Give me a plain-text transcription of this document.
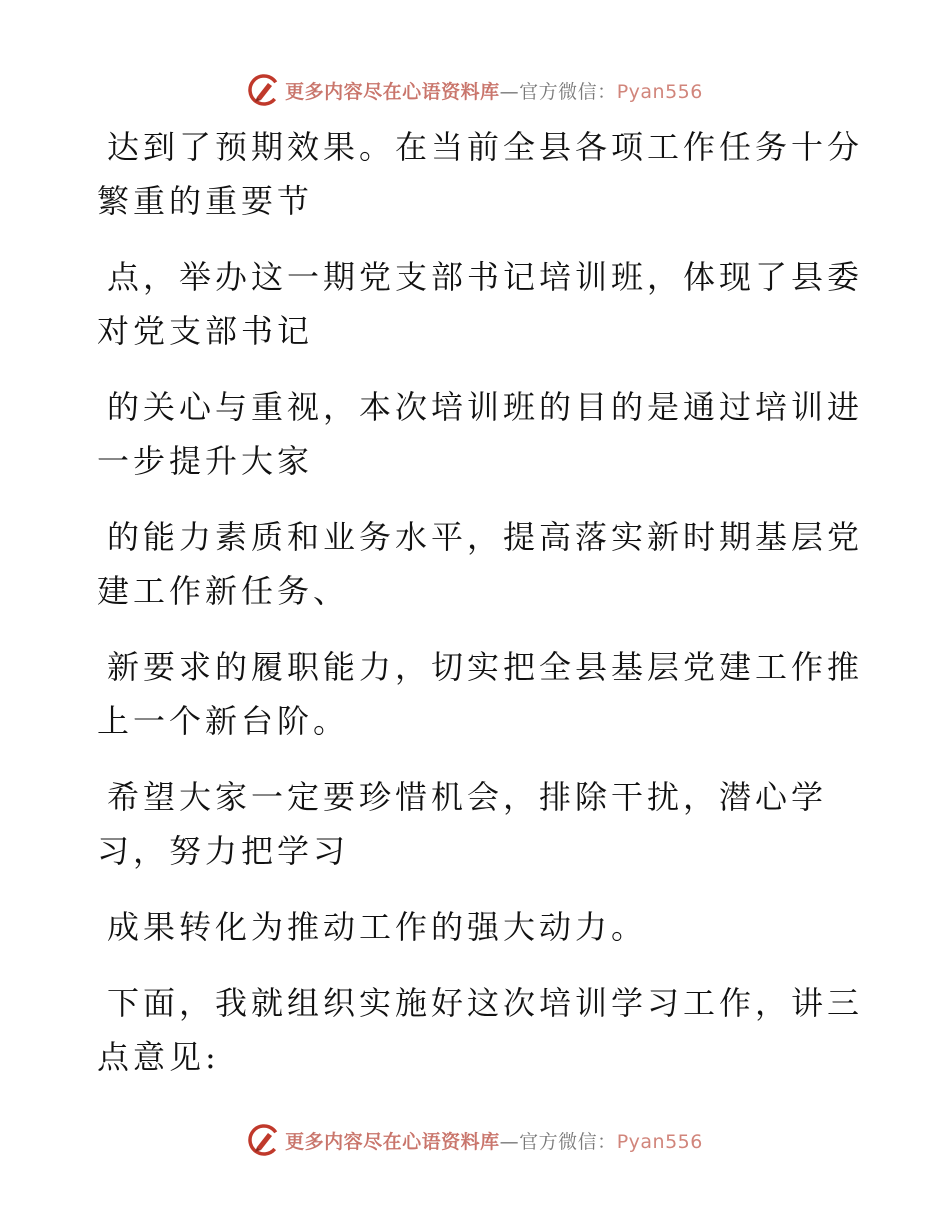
更多内容尽在心语资料库—官方微信：Pyan556

达到了预期效果。在当前全县各项工作任务十分
繁重的重要节

点，举办这一期党支部书记培训班，体现了县委
对党支部书记

的关心与重视，本次培训班的目的是通过培训进
一步提升大家

的能力素质和业务水平，提高落实新时期基层党
建工作新任务、

新要求的履职能力，切实把全县基层党建工作推
上一个新台阶。

希望大家一定要珍惜机会，排除干扰，潜心学
习，努力把学习

成果转化为推动工作的强大动力。

下面，我就组织实施好这次培训学习工作，讲三
点意见:

更多内容尽在心语资料库—官方微信：Pyan556
